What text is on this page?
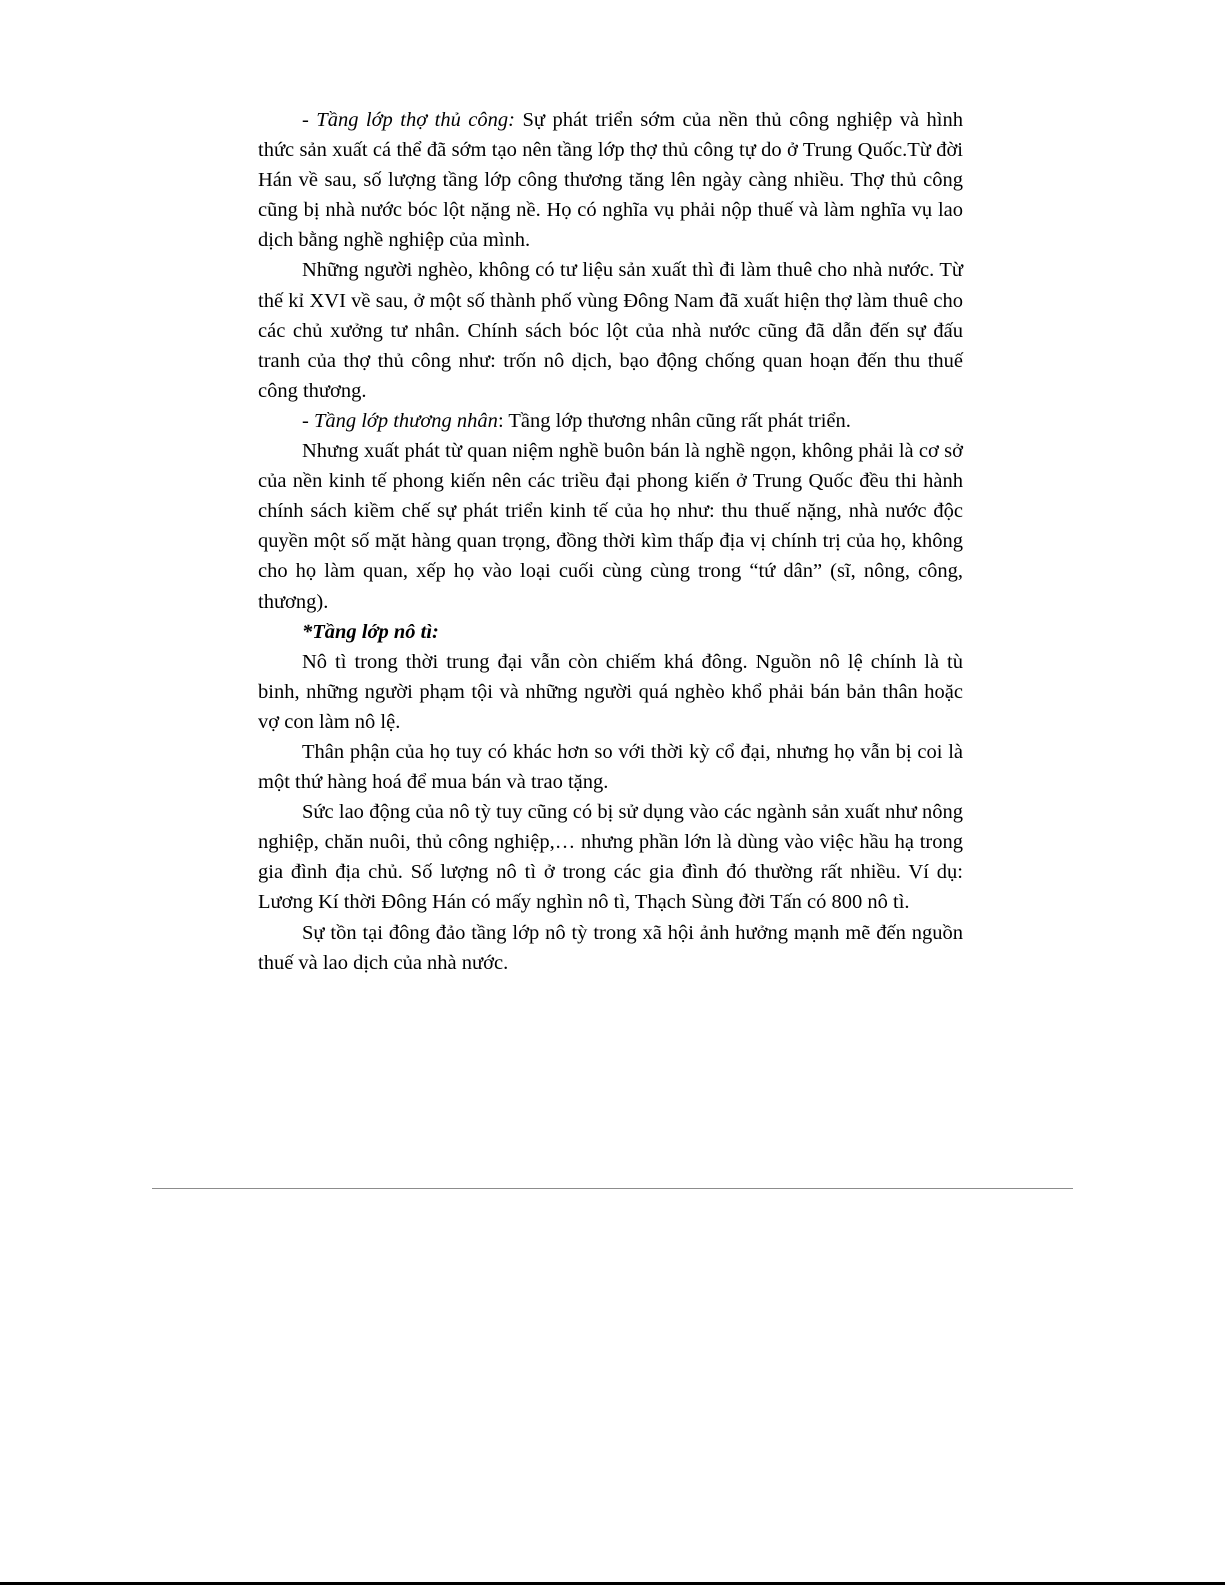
- Tầng lớp thợ thủ công: Sự phát triển sớm của nền thủ công nghiệp và hình thức sản xuất cá thể đã sớm tạo nên tầng lớp thợ thủ công tự do ở Trung Quốc.Từ đời Hán về sau, số lượng tầng lớp công thương tăng lên ngày càng nhiều. Thợ thủ công cũng bị nhà nước bóc lột nặng nề. Họ có nghĩa vụ phải nộp thuế và làm nghĩa vụ lao dịch bằng nghề nghiệp của mình.

Những người nghèo, không có tư liệu sản xuất thì đi làm thuê cho nhà nước. Từ thế kỉ XVI về sau, ở một số thành phố vùng Đông Nam đã xuất hiện thợ làm thuê cho các chủ xưởng tư nhân. Chính sách bóc lột của nhà nước cũng đã dẫn đến sự đấu tranh của thợ thủ công như: trốn nô dịch, bạo động chống quan hoạn đến thu thuế công thương.

- Tầng lớp thương nhân: Tầng lớp thương nhân cũng rất phát triển.

Nhưng xuất phát từ quan niệm nghề buôn bán là nghề ngọn, không phải là cơ sở của nền kinh tế phong kiến nên các triều đại phong kiến ở Trung Quốc đều thi hành chính sách kiềm chế sự phát triển kinh tế của họ như: thu thuế nặng, nhà nước độc quyền một số mặt hàng quan trọng, đồng thời kìm thấp địa vị chính trị của họ, không cho họ làm quan, xếp họ vào loại cuối cùng cùng trong “tứ dân” (sĩ, nông, công, thương).

*Tầng lớp nô tì:

Nô tì trong thời trung đại vẫn còn chiếm khá đông. Nguồn nô lệ chính là tù binh, những người phạm tội và những người quá nghèo khổ phải bán bản thân hoặc vợ con làm nô lệ.

Thân phận của họ tuy có khác hơn so với thời kỳ cổ đại, nhưng họ vẫn bị coi là một thứ hàng hoá để mua bán và trao tặng.

Sức lao động của nô tỳ tuy cũng có bị sử dụng vào các ngành sản xuất như nông nghiệp, chăn nuôi, thủ công nghiệp,… nhưng phần lớn là dùng vào việc hầu hạ trong gia đình địa chủ. Số lượng nô tì ở trong các gia đình đó thường rất nhiều. Ví dụ: Lương Kí thời Đông Hán có mấy nghìn nô tì, Thạch Sùng đời Tấn có 800 nô tì.

Sự tồn tại đông đảo tầng lớp nô tỳ trong xã hội ảnh hưởng mạnh mẽ đến nguồn thuế và lao dịch của nhà nước.
